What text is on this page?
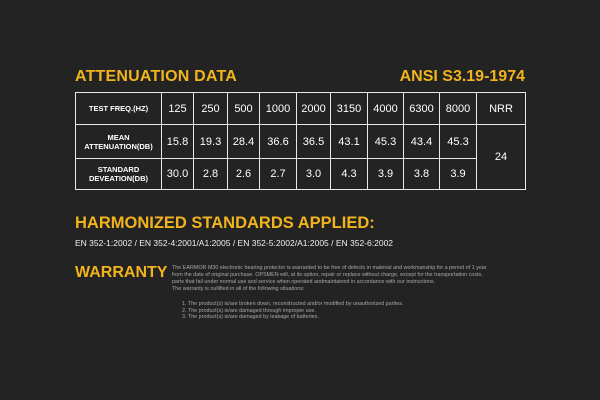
ATTENUATION DATA	ANSI S3.19-1974
TEST FREQ.(HZ)	125	250	500	1000	2000	3150	4000	6300	8000	NRR
MEAN
ATTENUATION(DB)	15.8	19.3	28.4	36.6	36.5	43.1	45.3	43.4	45.3	24
STANDARD
DEVEATION(DB)	30.0	2.8	2.6	2.7	3.0	4.3	3.9	3.8	3.9	
HARMONIZED STANDARDS APPLIED:
EN 352-1:2002 / EN 352-4:2001/A1:2005 / EN 352-5:2002/A1:2005 / EN 352-6:2002
WARRANTY The EARMOR M30 electronic hearing protector is warranted to be free of defects in material and workmanship for a period of 1 year

from the date of original purchase. OPSMEN will, at its option, repair or replace without charge, except for the transportation costs,

parts that fail under normal use and service when operated andmaintained in accordance with our instructions.

The warranty is nullified in all of the following situations:

1. The product(s) is/are broken down, reconstructed and/or modified by unauthorized parties.
2. The product(s) is/are damaged through improper use.
3. The product(s) is/are damaged by leakage of batteries.
